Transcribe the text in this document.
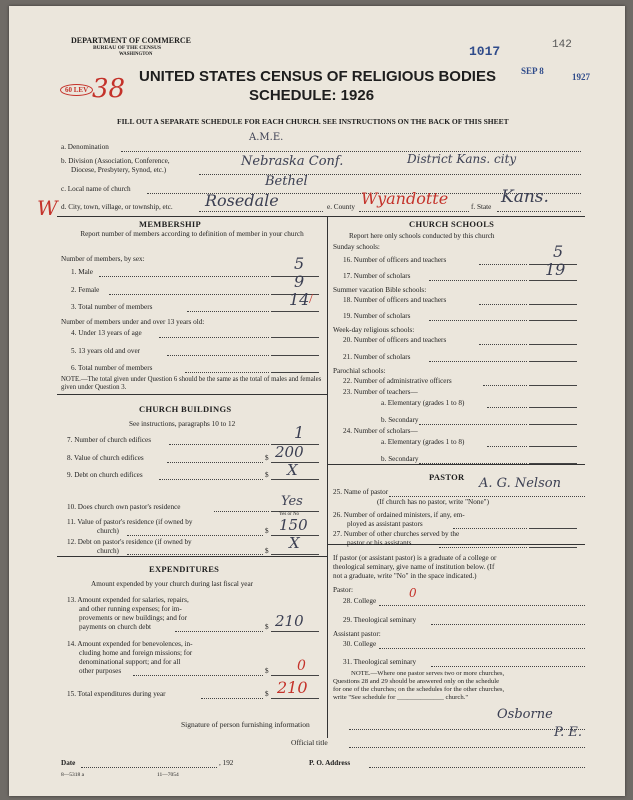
DEPARTMENT OF COMMERCE
BUREAU OF THE CENSUS
WASHINGTON	1017	142
SEP 8
1927
60 LEV 38 UNITED STATES CENSUS OF RELIGIOUS BODIES
SCHEDULE: 1926
FILL OUT A SEPARATE SCHEDULE FOR EACH CHURCH. SEE INSTRUCTIONS ON THE BACK OF THIS SHEET
a. Denomination
A.M.E.
b. Division (Association, Conference,
Diocese, Presbytery, Synod, etc.)
Nebraska Conf.	District Kans. city
c. Local name of church	Bethel
W d. City, town, village, or township, etc. Rosedale	e. County Wyandotte	f. State Kans.
MEMBERSHIP
Report number of members according to definition of member in your church
Number of members, by sex:
1. Male	5
2. Female	9
3. Total number of members	14 /
Number of members under and over 13 years old:
4. Under 13 years of age
5. 13 years old and over
6. Total number of members
NOTE.—The total given under Question 6 should be the same as the total of males and females given under Question 3.
CHURCH BUILDINGS
See instructions, paragraphs 10 to 12
7. Number of church edifices	1
8. Value of church edifices	$ 200
9. Debt on church edifices	$ X
10. Does church own pastor's residence	Yes
Yes or No
11. Value of pastor's residence (if owned by
church)	$ 150
12. Debt on pastor's residence (if owned by
church)	$ X
EXPENDITURES
Amount expended by your church during last fiscal year
13. Amount expended for salaries, repairs,
and other running expenses; for im-
provements or new buildings; and for
payments on church debt	$ 210
14. Amount expended for benevolences, in-
cluding home and foreign missions; for
denominational support; and for all
other purposes	$ 0
15. Total expenditures during year	$ 210
CHURCH SCHOOLS
Report here only schools conducted by this church
Sunday schools:
16. Number of officers and teachers	5
17. Number of scholars	19
Summer vacation Bible schools:
18. Number of officers and teachers
19. Number of scholars
Week-day religious schools:
20. Number of officers and teachers
21. Number of scholars
Parochial schools:
22. Number of administrative officers
23. Number of teachers—
a. Elementary (grades 1 to 8)
b. Secondary
24. Number of scholars—
a. Elementary (grades 1 to 8)
b. Secondary
PASTOR
25. Name of pastor
A. G. Nelson
(If church has no pastor, write "None")
26. Number of ordained ministers, if any, em-
ployed as assistant pastors
27. Number of other churches served by the
pastor or his assistants
If pastor (or assistant pastor) is a graduate of a college or
theological seminary, give name of institution below. (If
not a graduate, write "No" in the space indicated.)
Pastor:
28. College
0
29. Theological seminary
Assistant pastor:
30. College
31. Theological seminary
NOTE.—Where one pastor serves two or more churches,
Questions 28 and 29 should be answered only on the schedule
for one of the churches; on the schedules for the other churches,
write "See schedule for ______________ church."
Signature of person furnishing information
Osborne
Official title
P. E.
Date	, 192	P. O. Address
8—5318 a	11—7054
